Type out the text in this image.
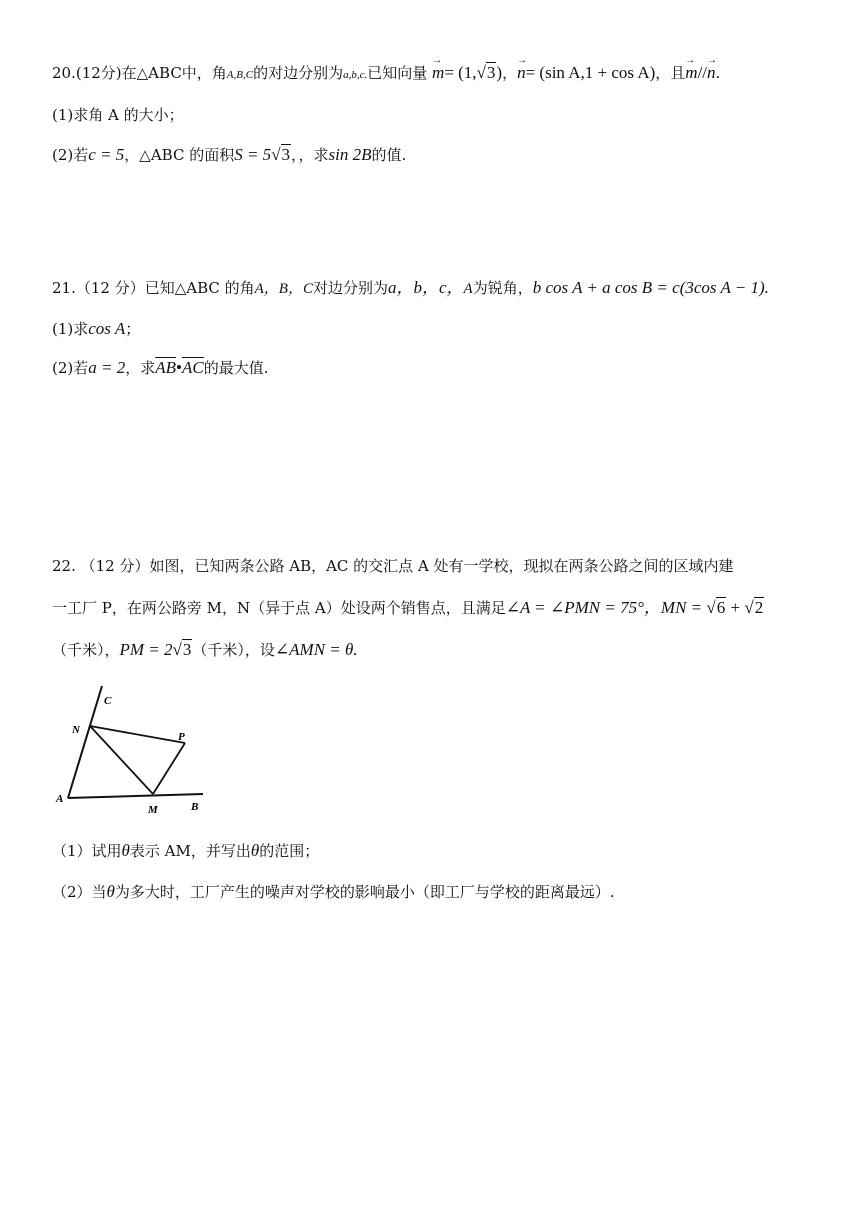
20.(12分)在△ABC中，角A,B,C的对边分别为a,b,c.已知向量 → m= (1,√3)，→ n= (sin A,1 + cos A)，且→ m//→ n.
(1)求角 A 的大小；
(2)若c = 5，△ABC 的面积S = 5√3，，求sin 2B的值.
21.（12 分）已知△ABC 的角A，B，C对边分别为a，b，c，A为锐角，b cos A + a cos B = c(3cos A − 1).
(1)求cos A；
(2)若a = 2，求$\overline{AB}•\overline{AC}$的最大值.
22. （12 分）如图，已知两条公路 AB，AC 的交汇点 A 处有一学校，现拟在两条公路之间的区域内建
一工厂 P，在两公路旁 M，N（异于点 A）处设两个销售点，且满足∠A = ∠PMN = 75°，MN = √6 + √2
（千米），PM = 2√3（千米），设∠AMN = θ.
C
N
P
A
M	B
（1）试用θ表示 AM，并写出θ的范围；
（2）当θ为多大时，工厂产生的噪声对学校的影响最小（即工厂与学校的距离最远）.
